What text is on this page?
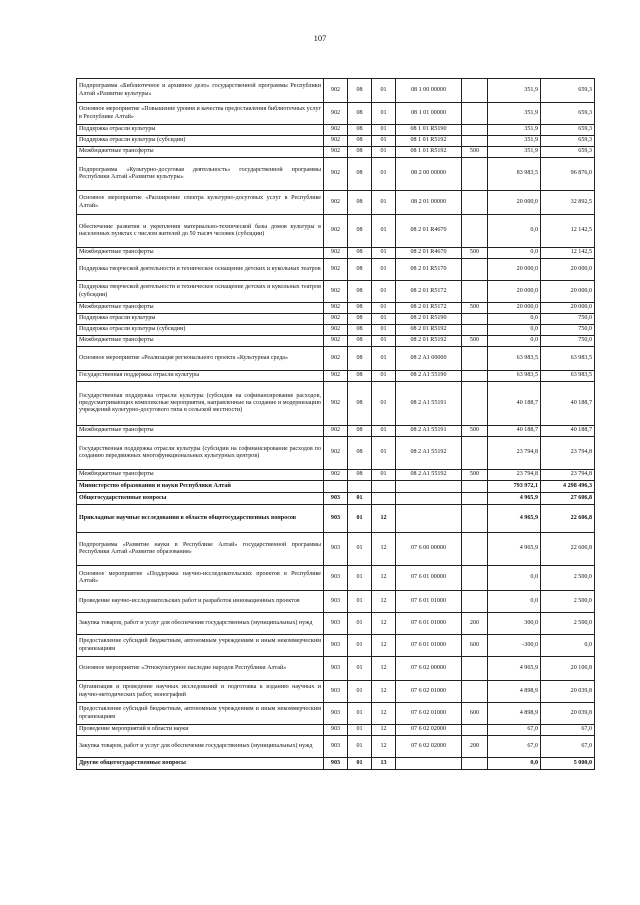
107
Подпрограмма «Библиотечное и архивное дело» государственной программы Республики Алтай «Развитие культуры»	902	08	01	08 1 00 00000		351,9	659,3
Основное мероприятие «Повышение уровня и качества предоставления библиотечных услуг в Республике Алтай»	902	08	01	08 1 01 00000		351,9	659,3
Поддержка отрасли культуры	902	08	01	08 1 01 R5190		351,9	659,3
Поддержка отрасли культуры (субсидии)	902	08	01	08 1 01 R5192		351,9	659,3
Межбюджетные трансферты	902	08	01	08 1 01 R5192	500	351,9	659,3
Подпрограмма «Культурно-досуговая деятельность» государственной программы Республики Алтай «Развитие культуры»	902	08	01	08 2 00 00000		83 983,5	96 876,0
Основное мероприятие «Расширение спектра культурно-досуговых услуг в Республике Алтай»	902	08	01	08 2 01 00000		20 000,0	32 892,5
Обеспечение развития и укрепления материально-технической базы домов культуры в населенных пунктах с числом жителей до 50 тысяч человек (субсидии)	902	08	01	08 2 01 R4670		0,0	12 142,5
Межбюджетные трансферты	902	08	01	08 2 01 R4670	500	0,0	12 142,5
Поддержка творческой деятельности и техническое оснащение детских и кукольных театров	902	08	01	08 2 01 R5170		20 000,0	20 000,0
Поддержка творческой деятельности и техническое оснащение детских и кукольных театров (субсидии)	902	08	01	08 2 01 R5172		20 000,0	20 000,0
Межбюджетные трансферты	902	08	01	08 2 01 R5172	500	20 000,0	20 000,0
Поддержка отрасли культуры	902	08	01	08 2 01 R5190		0,0	750,0
Поддержка отрасли культуры (субсидии)	902	08	01	08 2 01 R5192		0,0	750,0
Межбюджетные трансферты	902	08	01	08 2 01 R5192	500	0,0	750,0
Основное мероприятие «Реализация регионального проекта «Культурная среда»	902	08	01	08 2 A1 00000		63 983,5	63 983,5
Государственная поддержка отрасли культуры	902	08	01	08 2 A1 55190		63 983,5	63 983,5
Государственная поддержка отрасли культуры (субсидия на софинансирование расходов, предусматривающих комплексные мероприятия, направленные на создание и модернизацию учреждений культурно-досугового типа в сельской местности)	902	08	01	08 2 A1 55191		40 188,7	40 188,7
Межбюджетные трансферты	902	08	01	08 2 A1 55191	500	40 188,7	40 188,7
Государственная поддержка отрасли культуры (субсидии на софинансирование расходов по созданию передвижных многофункциональных культурных центров)	902	08	01	08 2 A1 55192		23 794,8	23 794,8
Межбюджетные трансферты	902	08	01	08 2 A1 55192	500	23 794,8	23 794,8
Министерство образования и науки Республики Алтай						793 972,1	4 298 496,3
Общегосударственные вопросы	903	01				4 965,9	27 606,8
Прикладные научные исследования в области общегосударственных вопросов	903	01	12			4 965,9	22 606,8
Подпрограмма «Развитие науки в Республике Алтай» государственной программы Республики Алтай «Развитие образования»	903	01	12	07 6 00 00000		4 965,9	22 606,8
Основное мероприятие «Поддержка научно-исследовательских проектов в Республике Алтай»	903	01	12	07 6 01 00000		0,0	2 500,0
Проведение научно-исследовательских работ и разработок инновационных проектов	903	01	12	07 6 01 01000		0,0	2 500,0
Закупка товаров, работ и услуг для обеспечения государственных (муниципальных) нужд	903	01	12	07 6 01 01000	200	300,0	2 500,0
Предоставление субсидий бюджетным, автономным учреждениям и иным некоммерческим организациям	903	01	12	07 6 01 01000	600	-300,0	0,0
Основное мероприятие «Этнокультурное наследие народов Республики Алтай»	903	01	12	07 6 02 00000		4 965,9	20 106,8
Организация и проведение научных исследований и подготовка к изданию научных и научно-методических работ, монографий	903	01	12	07 6 02 01000		4 898,9	20 039,8
Предоставление субсидий бюджетным, автономным учреждениям и иным некоммерческим организациям	903	01	12	07 6 02 01000	600	4 898,9	20 039,8
Проведение мероприятий в области науки	903	01	12	07 6 02 02000		67,0	67,0
Закупка товаров, работ и услуг для обеспечения государственных (муниципальных) нужд	903	01	12	07 6 02 02000	200	67,0	67,0
Другие общегосударственные вопросы	903	01	13			0,0	5 000,0
